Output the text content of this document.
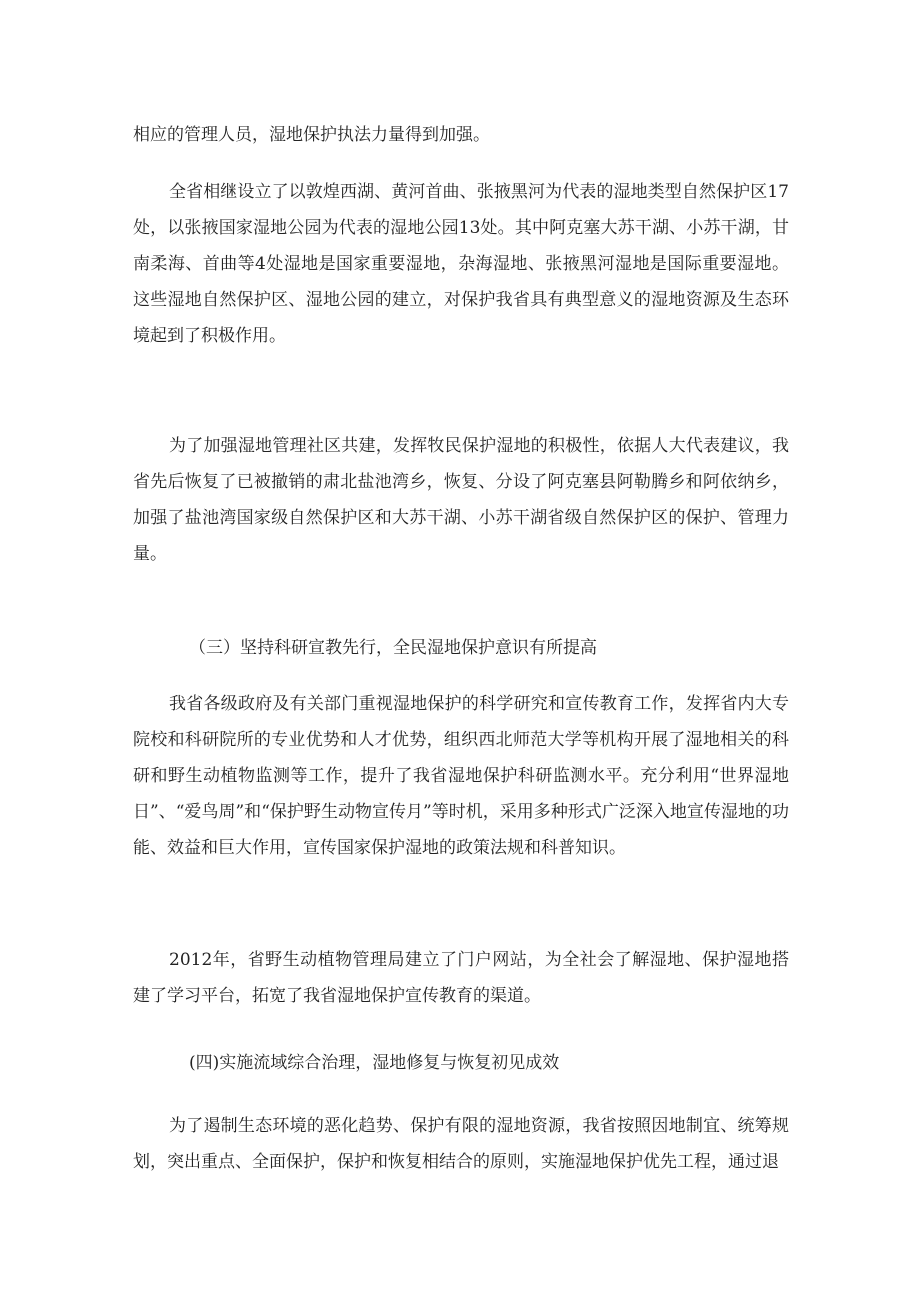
相应的管理人员，湿地保护执法力量得到加强。

全省相继设立了以敦煌西湖、黄河首曲、张掖黑河为代表的湿地类型自然保护区17处，以张掖国家湿地公园为代表的湿地公园13处。其中阿克塞大苏干湖、小苏干湖，甘南柔海、首曲等4处湿地是国家重要湿地，杂海湿地、张掖黑河湿地是国际重要湿地。这些湿地自然保护区、湿地公园的建立，对保护我省具有典型意义的湿地资源及生态环境起到了积极作用。

为了加强湿地管理社区共建，发挥牧民保护湿地的积极性，依据人大代表建议，我省先后恢复了已被撤销的肃北盐池湾乡，恢复、分设了阿克塞县阿勒腾乡和阿依纳乡，加强了盐池湾国家级自然保护区和大苏干湖、小苏干湖省级自然保护区的保护、管理力量。

（三）坚持科研宣教先行，全民湿地保护意识有所提高

我省各级政府及有关部门重视湿地保护的科学研究和宣传教育工作，发挥省内大专院校和科研院所的专业优势和人才优势，组织西北师范大学等机构开展了湿地相关的科研和野生动植物监测等工作，提升了我省湿地保护科研监测水平。充分利用“世界湿地日”、“爱鸟周”和“保护野生动物宣传月”等时机，采用多种形式广泛深入地宣传湿地的功能、效益和巨大作用，宣传国家保护湿地的政策法规和科普知识。

2012年，省野生动植物管理局建立了门户网站，为全社会了解湿地、保护湿地搭建了学习平台，拓宽了我省湿地保护宣传教育的渠道。

(四)实施流域综合治理，湿地修复与恢复初见成效

为了遏制生态环境的恶化趋势、保护有限的湿地资源，我省按照因地制宜、统筹规划，突出重点、全面保护，保护和恢复相结合的原则，实施湿地保护优先工程，通过退
